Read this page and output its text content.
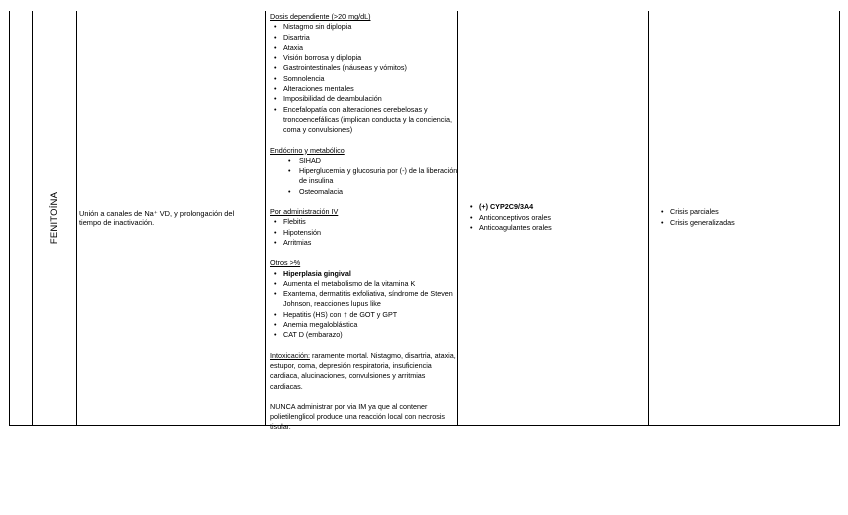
FENITOÍNA	Unión a canales de Na⁺ VD, y prolongación del tiempo de inactivación.

Dosis dependiente (>20 mg/dL)

• Nistagmo sin diplopia
• Disartria
• Ataxia
• Visión borrosa y diplopia
• Gastrointestinales (náuseas y vómitos)
• Somnolencia
• Alteraciones mentales
• Imposibilidad de deambulación
• Encefalopatía con alteraciones cerebelosas y troncoencefálicas (implican conducta y la conciencia, coma y convulsiones)

Endócrino y metabólico

• SIHAD
• Hiperglucemia y glucosuria por (-) de la liberación de insulina
• Osteomalacia

Por administración IV

• Flebitis
• Hipotensión
• Arritmias

Otros >%

• Hiperplasia gingival
• Aumenta el metabolismo de la vitamina K
• Exantema, dermatitis exfoliativa, síndrome de Steven Johnson, reacciones lupus like
• Hepatitis (HS) con ↑ de GOT y GPT
• Anemia megaloblástica
• CAT D (embarazo)

Intoxicación: raramente mortal. Nistagmo, disartria, ataxia, estupor, coma, depresión respiratoria, insuficiencia cardiaca, alucinaciones, convulsiones y arritmias cardiacas.

NUNCA administrar por via IM ya que al contener polietilenglicol produce una reacción local con necrosis tisular.

• (+) CYP2C9/3A4
• Anticonceptivos orales
• Anticoagulantes orales
• Crisis parciales
• Crisis generalizadas
